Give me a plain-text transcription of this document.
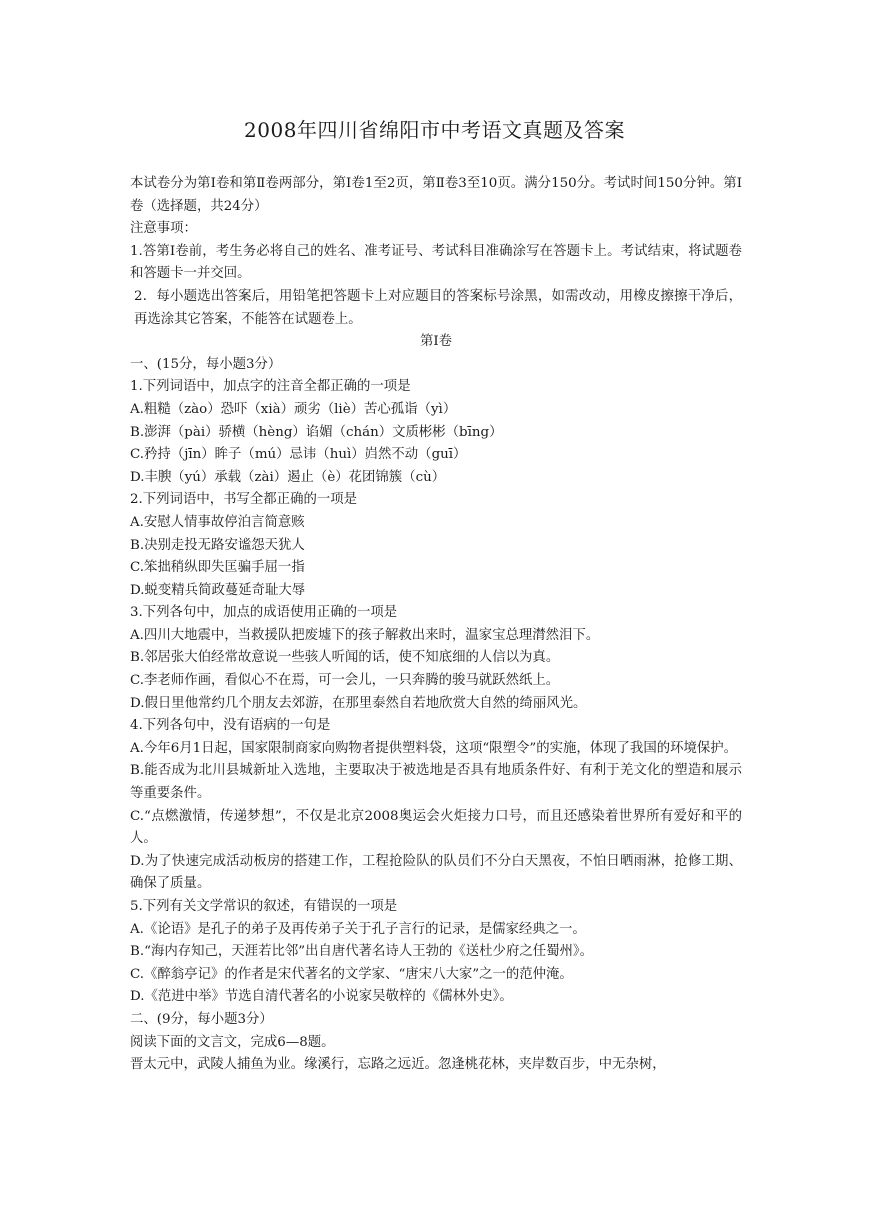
2008年四川省绵阳市中考语文真题及答案

本试卷分为第Ⅰ卷和第Ⅱ卷两部分，第Ⅰ卷1至2页，第Ⅱ卷3至10页。满分150分。考试时间150分钟。第Ⅰ卷（选择题，共24分）

注意事项：

1.答第Ⅰ卷前，考生务必将自己的姓名、准考证号、考试科目准确涂写在答题卡上。考试结束，将试题卷和答题卡一并交回。

2．每小题选出答案后，用铅笔把答题卡上对应题目的答案标号涂黑，如需改动，用橡皮擦擦干净后，再选涂其它答案，不能答在试题卷上。

第Ⅰ卷

一、(15分，每小题3分）

1.下列词语中，加点字的注音全都正确的一项是

A.粗糙（zào）恐吓（xià）顽劣（liè）苦心孤诣（yì）

B.澎湃（pài）骄横（hèng）谄媚（chán）文质彬彬（bīng）

C.矜持（jīn）眸子（mú）忌讳（huì）岿然不动（guī）

D.丰腴（yú）承载（zài）遏止（è）花团锦簇（cù）

2.下列词语中，书写全都正确的一项是

A.安慰人情事故停泊言简意赅

B.决别走投无路安谧怨天犹人

C.笨拙稍纵即失匡骗手屈一指

D.蜕变精兵简政蔓延奇耻大辱

3.下列各句中，加点的成语使用正确的一项是

A.四川大地震中，当救援队把废墟下的孩子解救出来时，温家宝总理潸然泪下。

B.邻居张大伯经常故意说一些骇人听闻的话，使不知底细的人信以为真。

C.李老师作画，看似心不在焉，可一会儿，一只奔腾的骏马就跃然纸上。

D.假日里他常约几个朋友去郊游，在那里泰然自若地欣赏大自然的绮丽风光。

4.下列各句中，没有语病的一句是

A.今年6月1日起，国家限制商家向购物者提供塑料袋，这项“限塑令”的实施，体现了我国的环境保护。

B.能否成为北川县城新址入选地，主要取决于被选地是否具有地质条件好、有利于羌文化的塑造和展示等重要条件。

C.“点燃激情，传递梦想”，不仅是北京2008奥运会火炬接力口号，而且还感染着世界所有爱好和平的人。

D.为了快速完成活动板房的搭建工作，工程抢险队的队员们不分白天黑夜，不怕日晒雨淋，抢修工期、确保了质量。

5.下列有关文学常识的叙述，有错误的一项是

A.《论语》是孔子的弟子及再传弟子关于孔子言行的记录，是儒家经典之一。

B.“海内存知己，天涯若比邻”出自唐代著名诗人王勃的《送杜少府之任蜀州》。

C.《醉翁亭记》的作者是宋代著名的文学家、“唐宋八大家”之一的范仲淹。

D.《范进中举》节选自清代著名的小说家吴敬梓的《儒林外史》。

二、(9分，每小题3分）

阅读下面的文言文，完成6—8题。

晋太元中，武陵人捕鱼为业。缘溪行，忘路之远近。忽逢桃花林，夹岸数百步，中无杂树，
